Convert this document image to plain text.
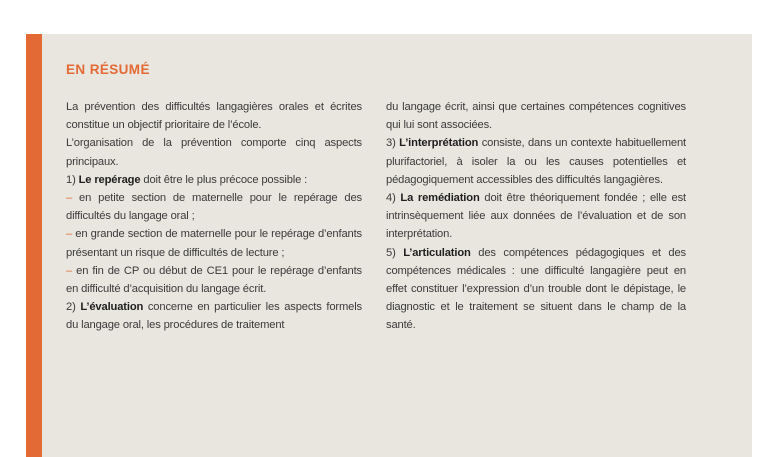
EN RÉSUMÉ

La prévention des difficultés langagières orales et écrites constitue un objectif prioritaire de l’école.

L’organisation de la prévention comporte cinq aspects principaux.

1) Le repérage doit être le plus précoce possible :

– en petite section de maternelle pour le repérage des difficultés du langage oral ;

– en grande section de maternelle pour le repérage d’enfants présentant un risque de difficultés de lecture ;

– en fin de CP ou début de CE1 pour le repérage d’enfants en difficulté d’acquisition du langage écrit.

2) L’évaluation concerne en particulier les aspects formels du langage oral, les procédures de traitement

du langage écrit, ainsi que certaines compétences cognitives qui lui sont associées.

3) L’interprétation consiste, dans un contexte habituellement plurifactoriel, à isoler la ou les causes potentielles et pédagogiquement accessibles des difficultés langagières.

4) La remédiation doit être théoriquement fondée ; elle est intrinsèquement liée aux données de l’évaluation et de son interprétation.

5) L’articulation des compétences pédagogiques et des compétences médicales : une difficulté langagière peut en effet constituer l’expression d’un trouble dont le dépistage, le diagnostic et le traitement se situent dans le champ de la santé.
